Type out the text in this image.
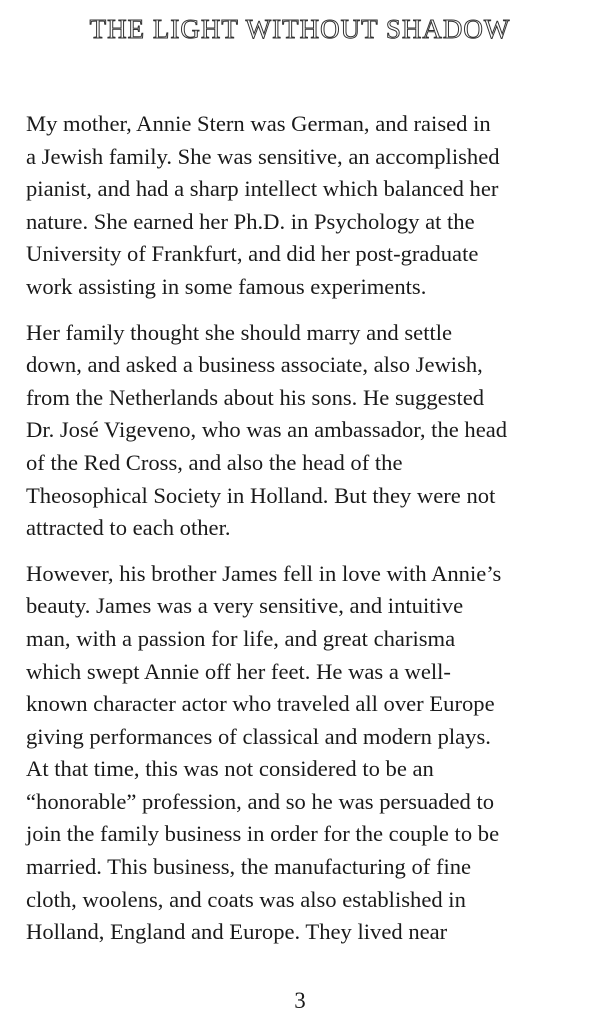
THE LIGHT WITHOUT SHADOW

My mother, Annie Stern was German, and raised in
a Jewish family. She was sensitive, an accomplished
pianist, and had a sharp intellect which balanced her
nature. She earned her Ph.D. in Psychology at the
University of Frankfurt, and did her post-graduate
work assisting in some famous experiments.

Her family thought she should marry and settle
down, and asked a business associate, also Jewish,
from the Netherlands about his sons. He suggested
Dr. José Vigeveno, who was an ambassador, the head
of the Red Cross, and also the head of the
Theosophical Society in Holland. But they were not
attracted to each other.

However, his brother James fell in love with Annie’s
beauty. James was a very sensitive, and intuitive
man, with a passion for life, and great charisma
which swept Annie off her feet. He was a well-
known character actor who traveled all over Europe
giving performances of classical and modern plays.
At that time, this was not considered to be an
“honorable” profession, and so he was persuaded to
join the family business in order for the couple to be
married. This business, the manufacturing of fine
cloth, woolens, and coats was also established in
Holland, England and Europe. They lived near

3
